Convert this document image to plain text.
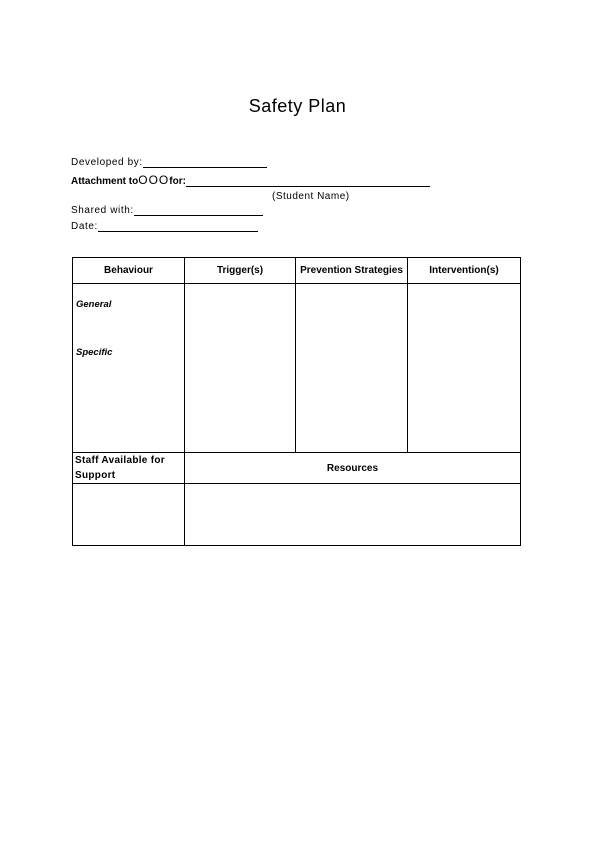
Safety Plan
Developed by:
Attachment to OOO for:
(Student Name)
Shared with:
Date:
Behaviour	Trigger(s)	Prevention Strategies	Intervention(s)

General
Specific			

Staff Available for Support	Resources		
